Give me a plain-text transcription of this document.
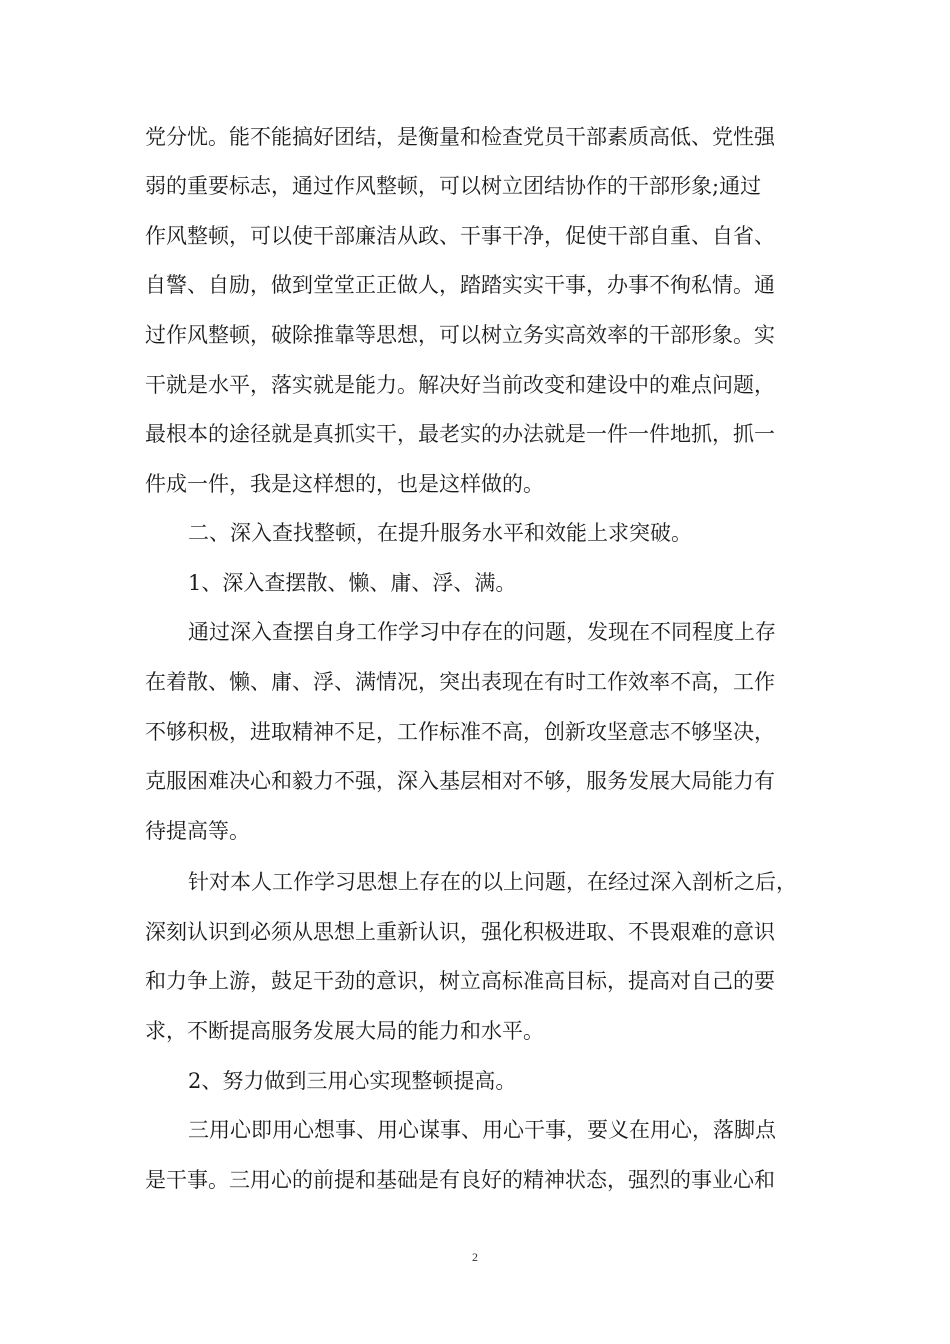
党分忧。能不能搞好团结，是衡量和检查党员干部素质高低、党性强
弱的重要标志，通过作风整顿，可以树立团结协作的干部形象;通过
作风整顿，可以使干部廉洁从政、干事干净，促使干部自重、自省、
自警、自励，做到堂堂正正做人，踏踏实实干事，办事不徇私情。通
过作风整顿，破除推靠等思想，可以树立务实高效率的干部形象。实
干就是水平，落实就是能力。解决好当前改变和建设中的难点问题，
最根本的途径就是真抓实干，最老实的办法就是一件一件地抓，抓一
件成一件，我是这样想的，也是这样做的。
二、深入查找整顿，在提升服务水平和效能上求突破。
1、深入查摆散、懒、庸、浮、满。
通过深入查摆自身工作学习中存在的问题，发现在不同程度上存
在着散、懒、庸、浮、满情况，突出表现在有时工作效率不高，工作
不够积极，进取精神不足，工作标准不高，创新攻坚意志不够坚决，
克服困难决心和毅力不强，深入基层相对不够，服务发展大局能力有
待提高等。
针对本人工作学习思想上存在的以上问题，在经过深入剖析之后，
深刻认识到必须从思想上重新认识，强化积极进取、不畏艰难的意识
和力争上游，鼓足干劲的意识，树立高标准高目标，提高对自己的要
求，不断提高服务发展大局的能力和水平。
2、努力做到三用心实现整顿提高。
三用心即用心想事、用心谋事、用心干事，要义在用心，落脚点
是干事。三用心的前提和基础是有良好的精神状态，强烈的事业心和
2
